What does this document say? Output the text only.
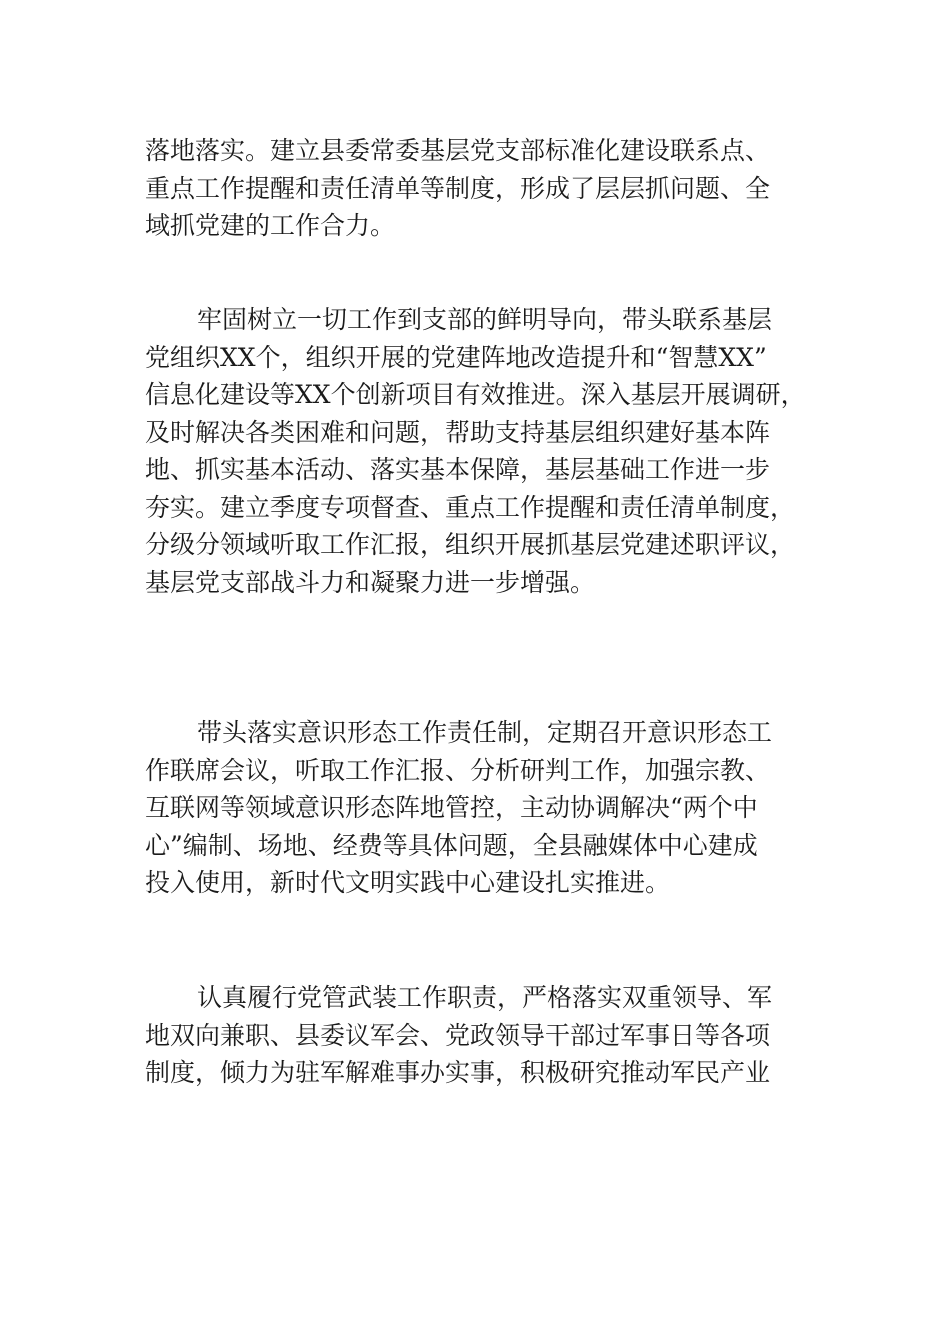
落地落实。建立县委常委基层党支部标准化建设联系点、
重点工作提醒和责任清单等制度，形成了层层抓问题、全
域抓党建的工作合力。
牢固树立一切工作到支部的鲜明导向，带头联系基层
党组织XX个，组织开展的党建阵地改造提升和“智慧XX”
信息化建设等XX个创新项目有效推进。深入基层开展调研，
及时解决各类困难和问题，帮助支持基层组织建好基本阵
地、抓实基本活动、落实基本保障，基层基础工作进一步
夯实。建立季度专项督查、重点工作提醒和责任清单制度，
分级分领域听取工作汇报，组织开展抓基层党建述职评议，
基层党支部战斗力和凝聚力进一步增强。
带头落实意识形态工作责任制，定期召开意识形态工
作联席会议，听取工作汇报、分析研判工作，加强宗教、
互联网等领域意识形态阵地管控，主动协调解决“两个中
心”编制、场地、经费等具体问题，全县融媒体中心建成
投入使用，新时代文明实践中心建设扎实推进。
认真履行党管武装工作职责，严格落实双重领导、军
地双向兼职、县委议军会、党政领导干部过军事日等各项
制度，倾力为驻军解难事办实事，积极研究推动军民产业
